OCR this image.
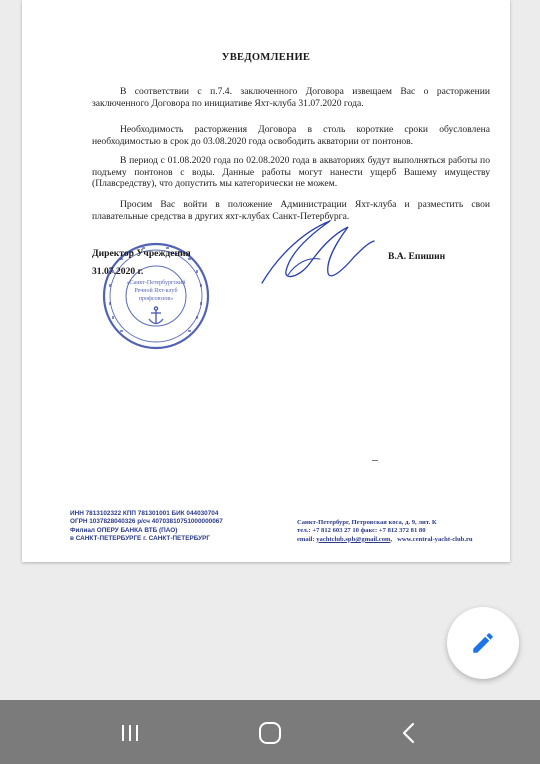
УВЕДОМЛЕНИЕ

В соответствии с п.7.4. заключенного Договора извещаем Вас о расторжении заключенного Договора по инициативе Яхт-клуба 31.07.2020 года.

Необходимость расторжения Договора в столь короткие сроки обусловлена необходимостью в срок до 03.08.2020 года освободить акватории от понтонов.

В период с 01.08.2020 года по 02.08.2020 года в акваториях будут выполняться работы по подъему понтонов с воды. Данные работы могут нанести ущерб Вашему имуществу (Плавсредству), что допустить мы категорически не можем.

Просим Вас войти в положение Администрации Яхт-клуба и разместить свои плавательные средства в других яхт-клубах Санкт-Петербурга.

«Санкт-Петербургский
Речной Яхт-клуб
профсоюзов»
Директор Учреждения
31.07.2020 г.
В.А. Епишин
ИНН 7813102322 КПП 781301001 БИК 044030704
ОГРН 1037828040326 р/сч 40703810751000000067
Филиал ОПЕРУ БАНКА ВТБ (ПАО)
в САНКТ-ПЕТЕРБУРГЕ г. САНКТ-ПЕТЕРБУРГ
Санкт-Петербург, Петровская коса, д. 9, лит. К
тел.: +7 812 603 27 10 факс: +7 812 372 81 80
email: yachtclub.spb@gmail.com,   www.central-yacht-club.ru
